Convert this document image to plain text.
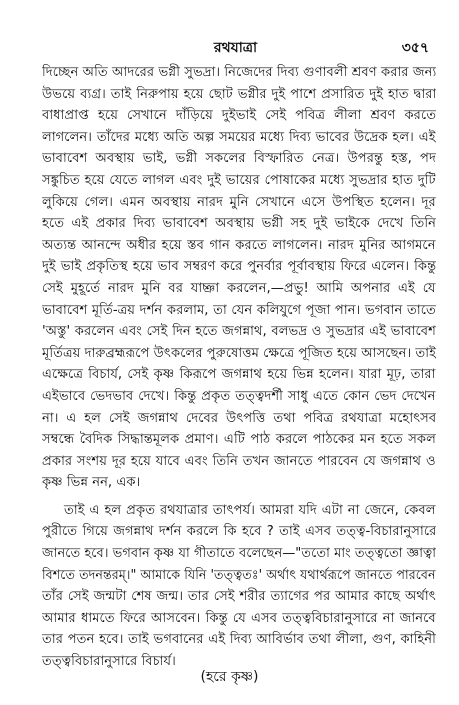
রথযাত্রা	৩৫৭
দিচ্ছেন অতি আদরের ভগ্নী সুভদ্রা। নিজেদের দিব্য গুণাবলী শ্রবণ করার জন্য
উভয়ে ব্যগ্র। তাই নিরুপায় হয়ে ছোট ভগ্নীর দুই পাশে প্রসারিত দুই হাত দ্বারা
বাধাপ্রাপ্ত হয়ে সেখানে দাঁড়িয়ে দুইভাই সেই পবিত্র লীলা শ্রবণ করতে
লাগলেন। তাঁদের মধ্যে অতি অল্প সময়ের মধ্যে দিব্য ভাবের উদ্রেক হল। এই
ভাবাবেশ অবস্থায় ভাই, ভগ্নী সকলের বিস্ফারিত নেত্র। উপরন্তু হস্ত, পদ
সঙ্কুচিত হয়ে যেতে লাগল এবং দুই ভায়ের পোষাকের মধ্যে সুভদ্রার হাত দুটি
লুকিয়ে গেল। এমন অবস্থায় নারদ মুনি সেখানে এসে উপস্থিত হলেন। দূর
হতে এই প্রকার দিব্য ভাবাবেশ অবস্থায় ভগ্নী সহ দুই ভাইকে দেখে তিনি
অত্যন্ত আনন্দে অধীর হয়ে স্তব গান করতে লাগলেন। নারদ মুনির আগমনে
দুই ভাই প্রকৃতিস্থ হয়ে ভাব সম্বরণ করে পুনর্বার পূর্বাবস্থায় ফিরে এলেন। কিন্তু
সেই মুহূর্তে নারদ মুনি বর যাচ্ঞা করলেন,—প্রভু! আমি অপনার এই যে
ভাবাবেশ মূর্তি-ত্রয় দর্শন করলাম, তা যেন কলিযুগে পূজা পান। ভগবান তাতে
'অস্তু' করলেন এবং সেই দিন হতে জগন্নাথ, বলভদ্র ও সুভদ্রার এই ভাবাবেশ
মূর্তিত্রয় দারুব্রহ্মরূপে উৎকলের পুরুষোত্তম ক্ষেত্রে পূজিত হয়ে আসছেন। তাই
এক্ষেত্রে বিচার্য, সেই কৃষ্ণ কিরূপে জগন্নাথ হয়ে ভিন্ন হলেন। যারা মূঢ়, তারা
এইভাবে ভেদভাব দেখে। কিন্তু প্রকৃত তত্ত্বদর্শী সাধু এতে কোন ভেদ দেখেন
না। এ হল সেই জগন্নাথ দেবের উৎপত্তি তথা পবিত্র রথযাত্রা মহোৎসব
সম্বন্ধে বৈদিক সিদ্ধান্তমূলক প্রমাণ। এটি পাঠ করলে পাঠকের মন হতে সকল
প্রকার সংশয় দূর হয়ে যাবে এবং তিনি তখন জানতে পারবেন যে জগন্নাথ ও
কৃষ্ণ ভিন্ন নন, এক।
তাই এ হল প্রকৃত রথযাত্রার তাৎপর্য। আমরা যদি এটা না জেনে, কেবল
পুরীতে গিয়ে জগন্নাথ দর্শন করলে কি হবে ? তাই এসব তত্ত্ব-বিচারানুসারে
জানতে হবে। ভগবান কৃষ্ণ যা গীতাতে বলেছেন—"ততো মাং তত্ত্বতো জ্ঞাত্বা
বিশতে তদনন্তরম্।" আমাকে যিনি 'তত্ত্বতঃ' অর্থাৎ যথার্থরূপে জানতে পারবেন
তাঁর সেই জন্মটা শেষ জন্ম। তার সেই শরীর ত্যাগের পর আমার কাছে অর্থাৎ
আমার ধামতে ফিরে আসবেন। কিন্তু যে এসব তত্ত্ববিচারানুসারে না জানবে
তার পতন হবে। তাই ভগবানের এই দিব্য আবির্ভাব তথা লীলা, গুণ, কাহিনী
তত্ত্ববিচারানুসারে বিচার্য।
(হরে কৃষ্ণ)
